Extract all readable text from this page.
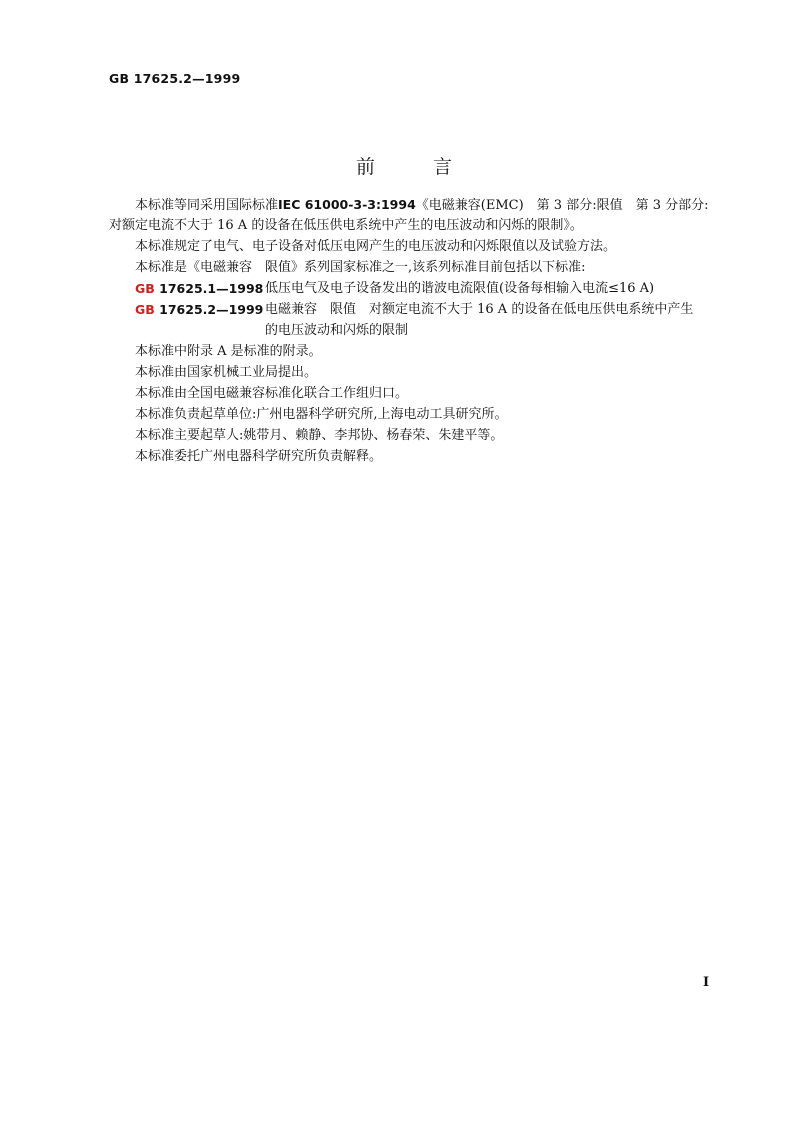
GB 17625.2—1999
前	言
本标准等同采用国际标准IEC 61000-3-3:1994《电磁兼容(EMC)　第 3 部分:限值　第 3 分部分:
对额定电流不大于 16 A 的设备在低压供电系统中产生的电压波动和闪烁的限制》。
本标准规定了电气、电子设备对低压电网产生的电压波动和闪烁限值以及试验方法。
本标准是《电磁兼容　限值》系列国家标准之一,该系列标准目前包括以下标准:
GB 17625.1—1998 低压电气及电子设备发出的谐波电流限值(设备每相输入电流≤16 A)
GB 17625.2—1999 电磁兼容　限值　对额定电流不大于 16 A 的设备在低电压供电系统中产生
的电压波动和闪烁的限制
本标准中附录 A 是标准的附录。
本标准由国家机械工业局提出。
本标准由全国电磁兼容标准化联合工作组归口。
本标准负责起草单位:广州电器科学研究所,上海电动工具研究所。
本标准主要起草人:姚带月、赖静、李邦协、杨春荣、朱建平等。
本标准委托广州电器科学研究所负责解释。
I
